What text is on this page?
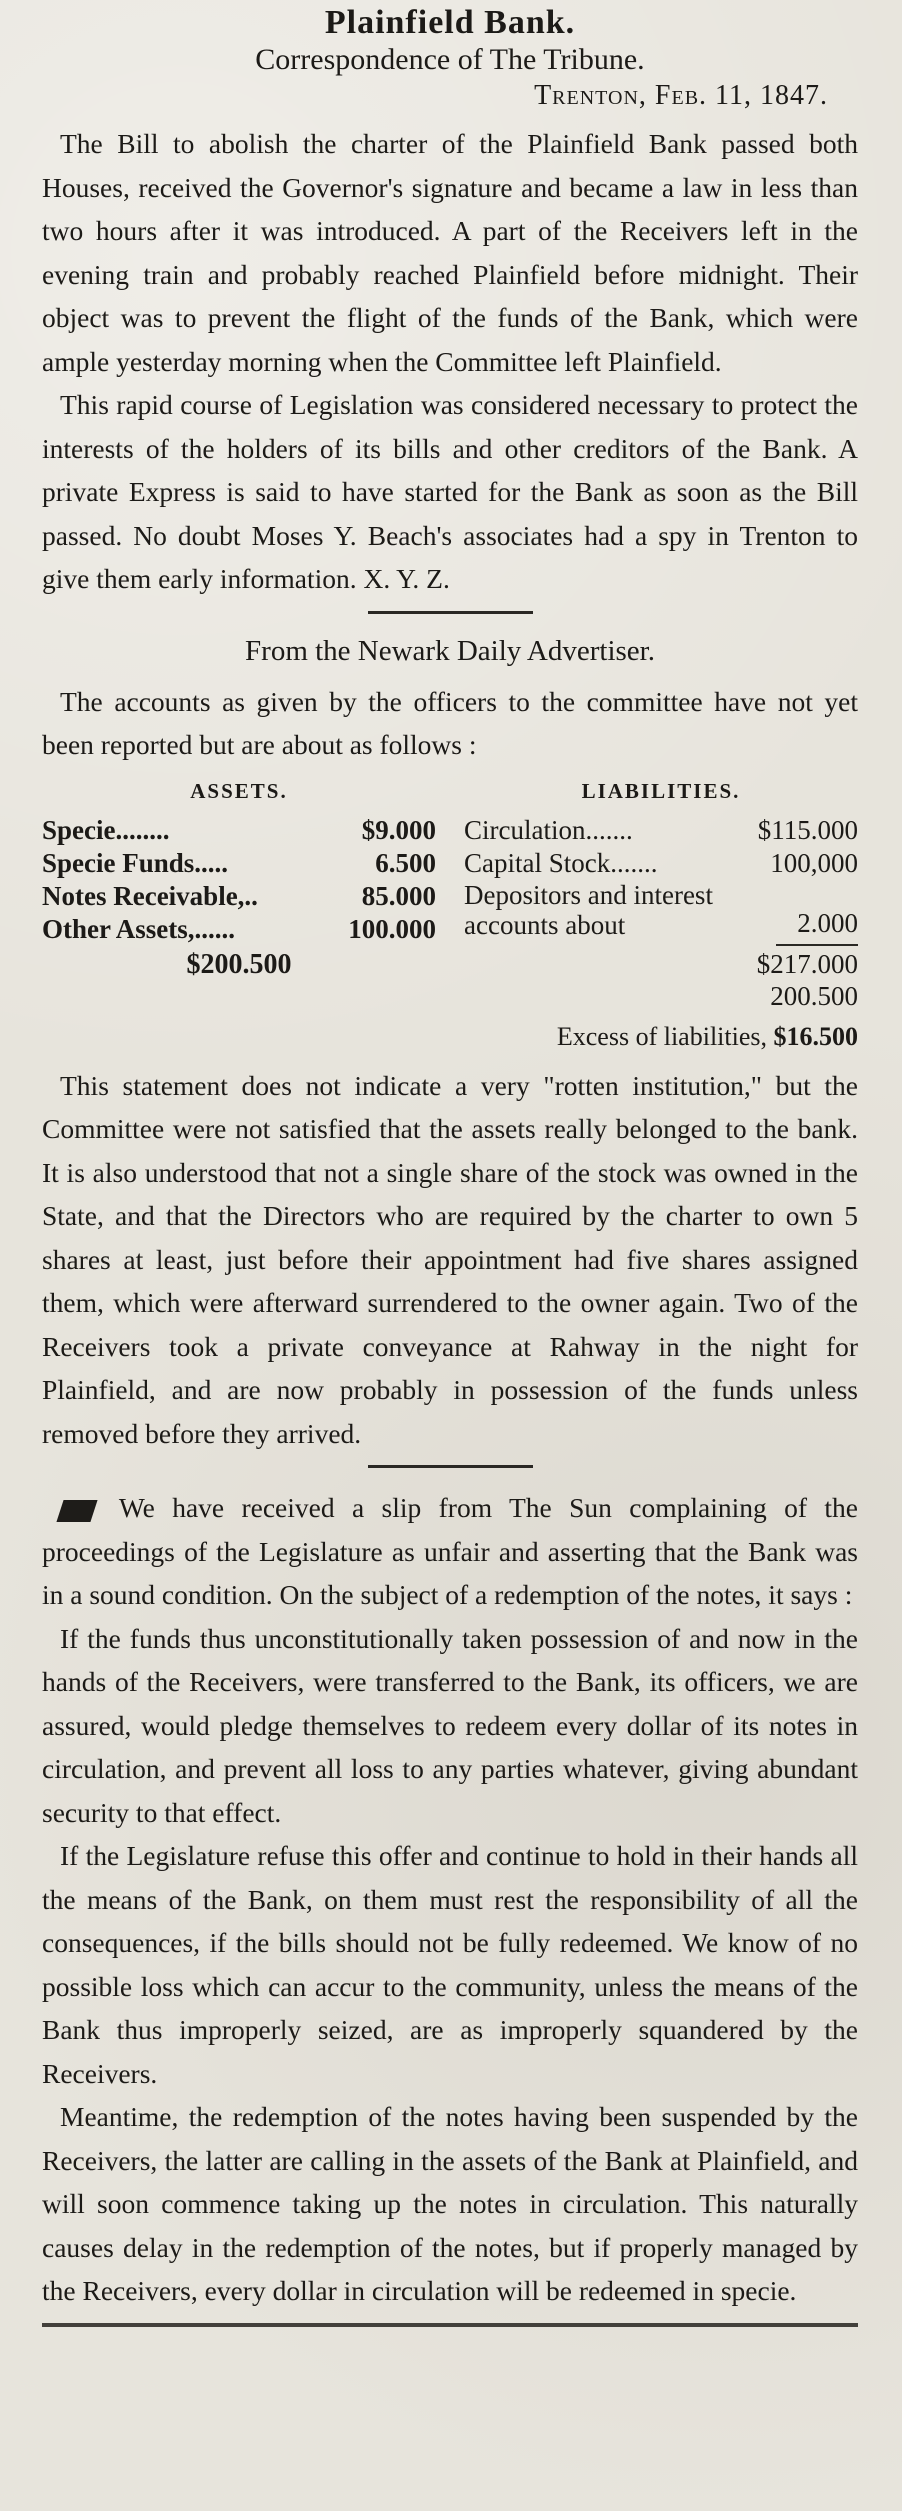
Plainfield Bank.
Correspondence of The Tribune.
Trenton, Feb. 11, 1847.

The Bill to abolish the charter of the Plainfield Bank passed both Houses, received the Governor's signature and became a law in less than two hours after it was introduced. A part of the Receivers left in the evening train and probably reached Plainfield before midnight. Their object was to prevent the flight of the funds of the Bank, which were ample yesterday morning when the Committee left Plainfield.

This rapid course of Legislation was considered necessary to protect the interests of the holders of its bills and other creditors of the Bank. A private Express is said to have started for the Bank as soon as the Bill passed. No doubt Moses Y. Beach's associates had a spy in Trenton to give them early information. X. Y. Z.

From the Newark Daily Advertiser.

The accounts as given by the officers to the committee have not yet been reported but are about as follows :

ASSETS.
Specie........	$9.000
Specie Funds.....	6.500
Notes Receivable,..	85.000
Other Assets,......	100.000
$200.500
LIABILITIES.
Circulation.......	$115.000
Capital Stock.......	100,000
Depositors and interest accounts about	2.000
$217.000
200.500
Excess of liabilities, $16.500

This statement does not indicate a very "rotten institution," but the Committee were not satisfied that the assets really belonged to the bank. It is also understood that not a single share of the stock was owned in the State, and that the Directors who are required by the charter to own 5 shares at least, just before their appointment had five shares assigned them, which were afterward surrendered to the owner again. Two of the Receivers took a private conveyance at Rahway in the night for Plainfield, and are now probably in possession of the funds unless removed before they arrived.

We have received a slip from The Sun complaining of the proceedings of the Legislature as unfair and asserting that the Bank was in a sound condition. On the subject of a redemption of the notes, it says :

If the funds thus unconstitutionally taken possession of and now in the hands of the Receivers, were transferred to the Bank, its officers, we are assured, would pledge themselves to redeem every dollar of its notes in circulation, and prevent all loss to any parties whatever, giving abundant security to that effect.

If the Legislature refuse this offer and continue to hold in their hands all the means of the Bank, on them must rest the responsibility of all the consequences, if the bills should not be fully redeemed. We know of no possible loss which can accur to the community, unless the means of the Bank thus improperly seized, are as improperly squandered by the Receivers.

Meantime, the redemption of the notes having been suspended by the Receivers, the latter are calling in the assets of the Bank at Plainfield, and will soon commence taking up the notes in circulation. This naturally causes delay in the redemption of the notes, but if properly managed by the Receivers, every dollar in circulation will be redeemed in specie.
